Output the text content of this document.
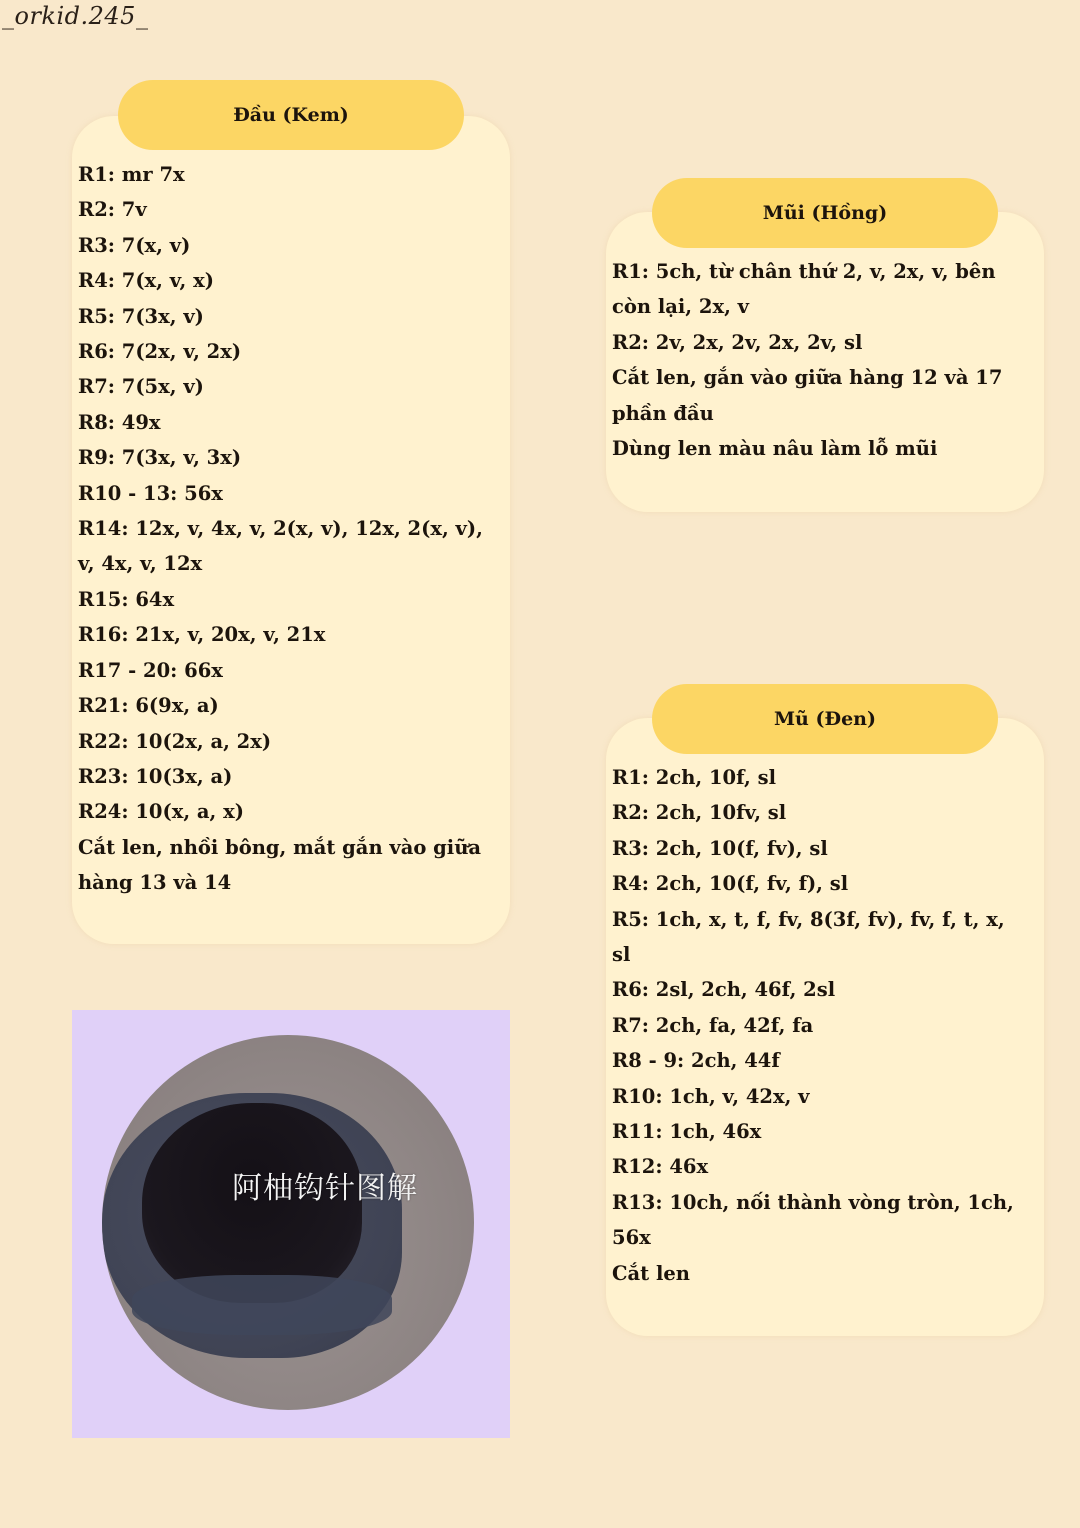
_orkid.245_
Đầu (Kem)
R1: mr 7x
R2: 7v
R3: 7(x, v)
R4: 7(x, v, x)
R5: 7(3x, v)
R6: 7(2x, v, 2x)
R7: 7(5x, v)
R8: 49x
R9: 7(3x, v, 3x)
R10 - 13: 56x
R14: 12x, v, 4x, v, 2(x, v), 12x, 2(x, v),
v, 4x, v, 12x
R15: 64x
R16: 21x, v, 20x, v, 21x
R17 - 20: 66x
R21: 6(9x, a)
R22: 10(2x, a, 2x)
R23: 10(3x, a)
R24: 10(x, a, x)
Cắt len, nhồi bông, mắt gắn vào giữa
hàng 13 và 14
Mũi (Hồng)
R1: 5ch, từ chân thứ 2, v, 2x, v, bên
còn lại, 2x, v
R2: 2v, 2x, 2v, 2x, 2v, sl
Cắt len, gắn vào giữa hàng 12 và 17
phần đầu
Dùng len màu nâu làm lỗ mũi
Mũ (Đen)
R1: 2ch, 10f, sl
R2: 2ch, 10fv, sl
R3: 2ch, 10(f, fv), sl
R4: 2ch, 10(f, fv, f), sl
R5: 1ch, x, t, f, fv, 8(3f, fv), fv, f, t, x,
sl
R6: 2sl, 2ch, 46f, 2sl
R7: 2ch, fa, 42f, fa
R8 - 9: 2ch, 44f
R10: 1ch, v, 42x, v
R11: 1ch, 46x
R12: 46x
R13: 10ch, nối thành vòng tròn, 1ch,
56x
Cắt len
阿柚钩针图解
